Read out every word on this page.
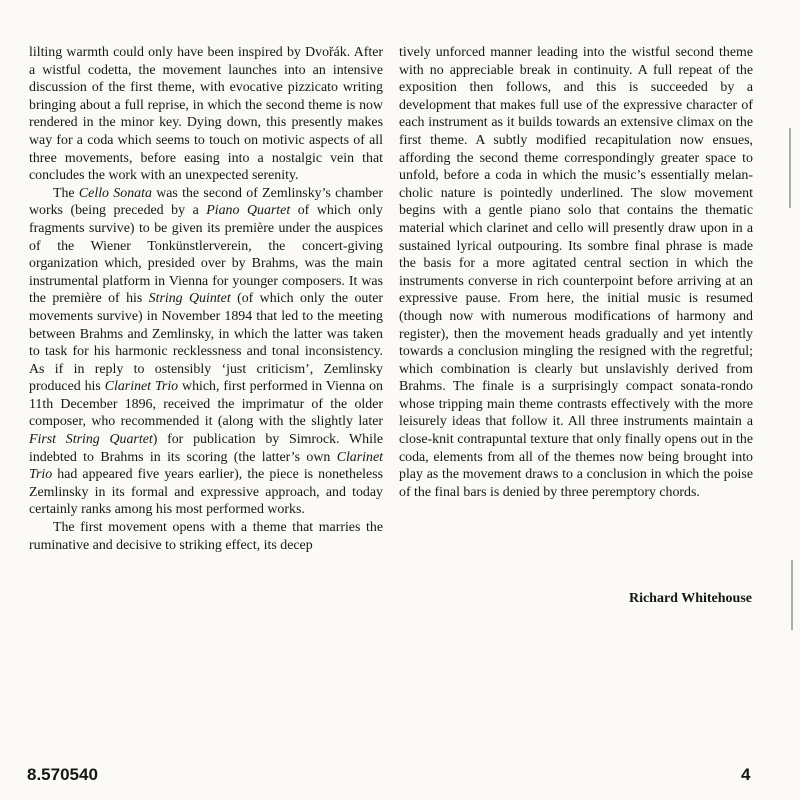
lilting warmth could only have been inspired by Dvořák. After a wistful codetta, the movement launches into an intensive discussion of the first theme, with evocative pizzicato writing bringing about a full reprise, in which the second theme is now rendered in the minor key. Dying down, this presently makes way for a coda which seems to touch on motivic aspects of all three movements, before easing into a nostalgic vein that concludes the work with an unexpected serenity.

The Cello Sonata was the second of Zemlinsky’s chamber works (being preceded by a Piano Quartet of which only fragments survive) to be given its première under the auspices of the Wiener Tonkünstlerverein, the concert-giving organization which, presided over by Brahms, was the main instrumental platform in Vienna for younger composers. It was the première of his String Quintet (of which only the outer movements survive) in November 1894 that led to the meeting between Brahms and Zemlinsky, in which the latter was taken to task for his harmonic recklessness and tonal inconsistency. As if in reply to ostensibly ‘just criticism’, Zemlinsky produced his Clarinet Trio which, first performed in Vienna on 11th December 1896, received the imprimatur of the older composer, who recommended it (along with the slightly later First String Quartet) for publication by Simrock. While indebted to Brahms in its scoring (the latter’s own Clarinet Trio had appeared five years earlier), the piece is nonetheless Zemlinsky in its formal and expressive approach, and today certainly ranks among his most performed works.

The first movement opens with a theme that marries the ruminative and decisive to striking effect, its decep

tively unforced manner leading into the wistful second theme with no appreciable break in continuity. A full repeat of the exposition then follows, and this is succeeded by a development that makes full use of the expressive character of each instrument as it builds towards an extensive climax on the first theme. A subtly modified recapitulation now ensues, affording the second theme correspondingly greater space to unfold, before a coda in which the music’s essentially melancholic nature is pointedly underlined. The slow movement begins with a gentle piano solo that contains the thematic material which clarinet and cello will presently draw upon in a sustained lyrical outpouring. Its sombre final phrase is made the basis for a more agitated central section in which the instruments converse in rich counterpoint before arriving at an expressive pause. From here, the initial music is resumed (though now with numerous modifications of harmony and register), then the movement heads gradually and yet intently towards a conclusion mingling the resigned with the regretful; which combination is clearly but unslavishly derived from Brahms. The finale is a surprisingly compact sonata-rondo whose tripping main theme contrasts effectively with the more leisurely ideas that follow it. All three instruments maintain a close-knit contrapuntal texture that only finally opens out in the coda, elements from all of the themes now being brought into play as the movement draws to a conclusion in which the poise of the final bars is denied by three peremptory chords.

Richard Whitehouse
8.570540	4
